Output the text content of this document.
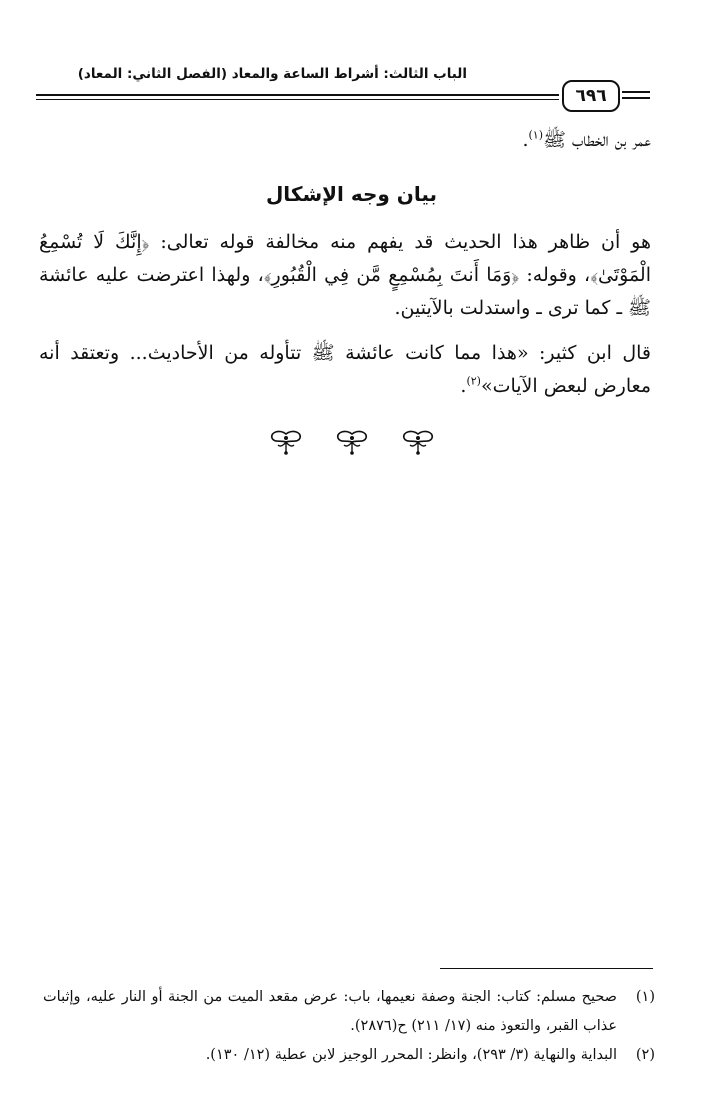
الباب الثالث: أشراط الساعة والمعاد (الفصل الثاني: المعاد)
٦٩٦
عمر بن الخطاب ﷺ$^{(١)}$.
بيان وجه الإشكال
هو أن ظاهر هذا الحديث قد يفهم منه مخالفة قوله تعالى: ﴿إِنَّكَ لَا تُسْمِعُ الْمَوْتَىٰ﴾، وقوله: ﴿وَمَا أَنتَ بِمُسْمِعٍ مَّن فِي الْقُبُورِ﴾، ولهذا اعترضت عليه عائشة ﷺ ـ كما ترى ـ واستدلت بالآيتين.
قال ابن كثير: «هذا مما كانت عائشة ﷺ تتأوله من الأحاديث... وتعتقد أنه معارض لبعض الآيات»$^{(٢)}$.
(١)
صحيح مسلم: كتاب: الجنة وصفة نعيمها، باب: عرض مقعد الميت من الجنة أو النار عليه، وإثبات عذاب القبر، والتعوذ منه (١٧/ ٢١١) ح(٢٨٧٦).
(٢)
البداية والنهاية (٣/ ٢٩٣)، وانظر: المحرر الوجيز لابن عطية (١٢/ ١٣٠).
